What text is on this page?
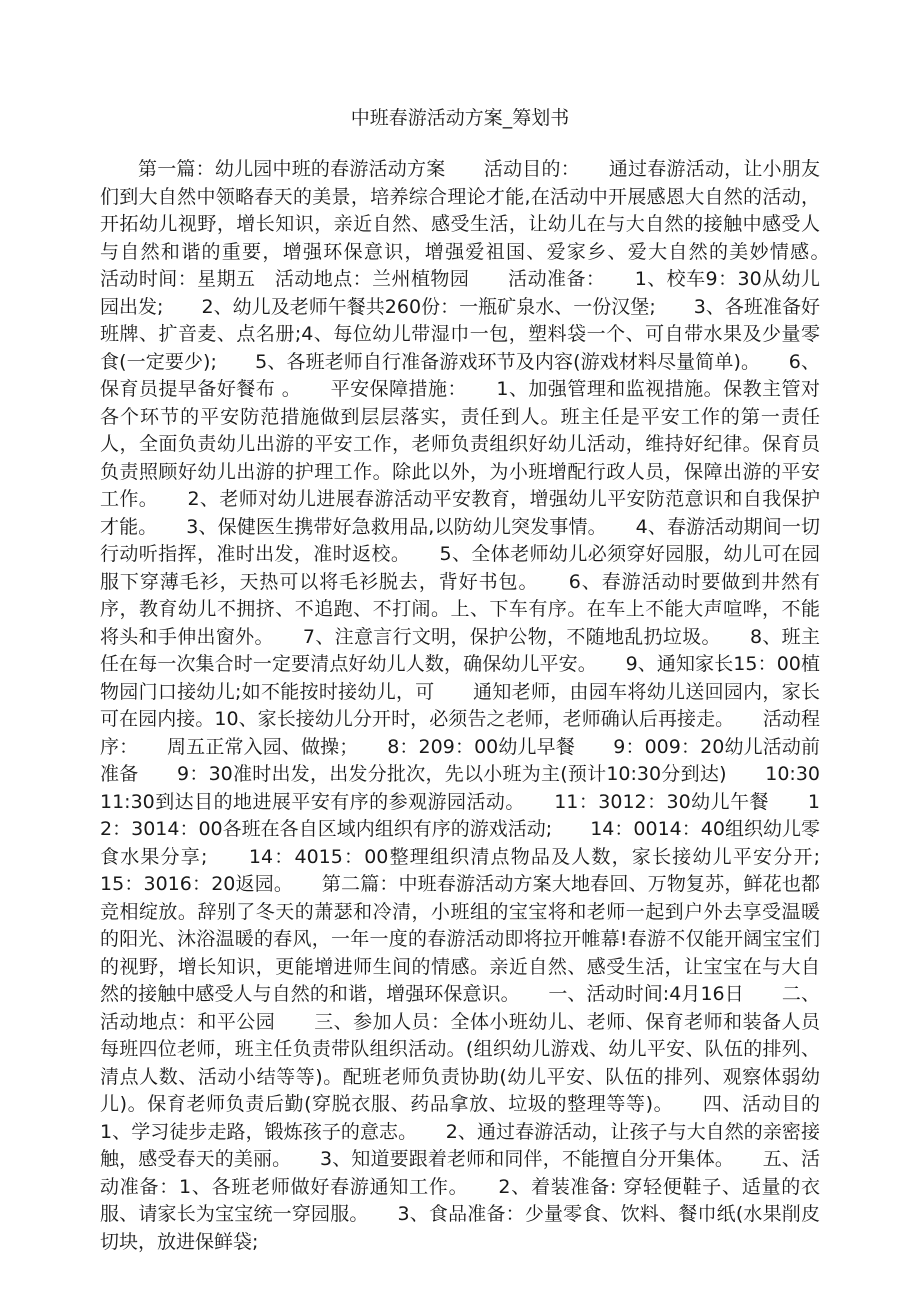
中班春游活动方案_筹划书

第一篇：幼儿园中班的春游活动方案　　活动目的：　　通过春游活动，让小朋友们到大自然中领略春天的美景，培养综合理论才能,在活动中开展感恩大自然的活动，开拓幼儿视野，增长知识，亲近自然、感受生活，让幼儿在与大自然的接触中感受人与自然和谐的重要，增强环保意识，增强爱祖国、爱家乡、爱大自然的美妙情感。　　活动时间：星期五　活动地点：兰州植物园　　活动准备：　　1、校车9：30从幼儿园出发;　　2、幼儿及老师午餐共260份：一瓶矿泉水、一份汉堡;　　3、各班准备好班牌、扩音麦、点名册;4、每位幼儿带湿巾一包，塑料袋一个、可自带水果及少量零食(一定要少);　　5、各班老师自行准备游戏环节及内容(游戏材料尽量简单)。　　6、保育员提早备好餐布 。　　平安保障措施：　　1、加强管理和监视措施。保教主管对各个环节的平安防范措施做到层层落实，责任到人。班主任是平安工作的第一责任人，全面负责幼儿出游的平安工作，老师负责组织好幼儿活动，维持好纪律。保育员负责照顾好幼儿出游的护理工作。除此以外，为小班增配行政人员，保障出游的平安工作。　　2、老师对幼儿进展春游活动平安教育，增强幼儿平安防范意识和自我保护才能。　　3、保健医生携带好急救用品,以防幼儿突发事情。　　4、春游活动期间一切行动听指挥，准时出发，准时返校。　　5、全体老师幼儿必须穿好园服，幼儿可在园服下穿薄毛衫，天热可以将毛衫脱去，背好书包。　　6、春游活动时要做到井然有序，教育幼儿不拥挤、不追跑、不打闹。上、下车有序。在车上不能大声喧哗，不能将头和手伸出窗外。　　7、注意言行文明，保护公物，不随地乱扔垃圾。　　8、班主任在每一次集合时一定要清点好幼儿人数，确保幼儿平安。　　9、通知家长15：00植物园门口接幼儿;如不能按时接幼儿，可　　通知老师，由园车将幼儿送回园内，家长可在园内接。10、家长接幼儿分开时，必须告之老师，老师确认后再接走。　　活动程序：　　周五正常入园、做操；　　8：209：00幼儿早餐　　9：009：20幼儿活动前准备　　9：30准时出发，出发分批次，先以小班为主(预计10:30分到达)　　10:3011:30到达目的地进展平安有序的参观游园活动。　　11：3012：30幼儿午餐　　12：3014：00各班在各自区域内组织有序的游戏活动;　　14：0014：40组织幼儿零食水果分享;　　14：4015：00整理组织清点物品及人数，家长接幼儿平安分开;　　15：3016：20返园。　　第二篇：中班春游活动方案大地春回、万物复苏，鲜花也都竞相绽放。辞别了冬天的萧瑟和冷清，小班组的宝宝将和老师一起到户外去享受温暖的阳光、沐浴温暖的春风，一年一度的春游活动即将拉开帷幕!春游不仅能开阔宝宝们的视野，增长知识，更能增进师生间的情感。亲近自然、感受生活，让宝宝在与大自然的接触中感受人与自然的和谐，增强环保意识。　　一、活动时间:4月16日　　二、活动地点：和平公园　　三、参加人员：全体小班幼儿、老师、保育老师和装备人员　　每班四位老师，班主任负责带队组织活动。(组织幼儿游戏、幼儿平安、队伍的排列、清点人数、活动小结等等)。配班老师负责协助(幼儿平安、队伍的排列、观察体弱幼儿)。保育老师负责后勤(穿脱衣服、药品拿放、垃圾的整理等等)。　　四、活动目的　　1、学习徒步走路，锻炼孩子的意志。　　2、通过春游活动，让孩子与大自然的亲密接触，感受春天的美丽。　　3、知道要跟着老师和同伴，不能擅自分开集体。　　五、活动准备：1、各班老师做好春游通知工作。　　2、着装准备: 穿轻便鞋子、适量的衣服、请家长为宝宝统一穿园服。　　3、食品准备：少量零食、饮料、餐巾纸(水果削皮切块，放进保鲜袋;
